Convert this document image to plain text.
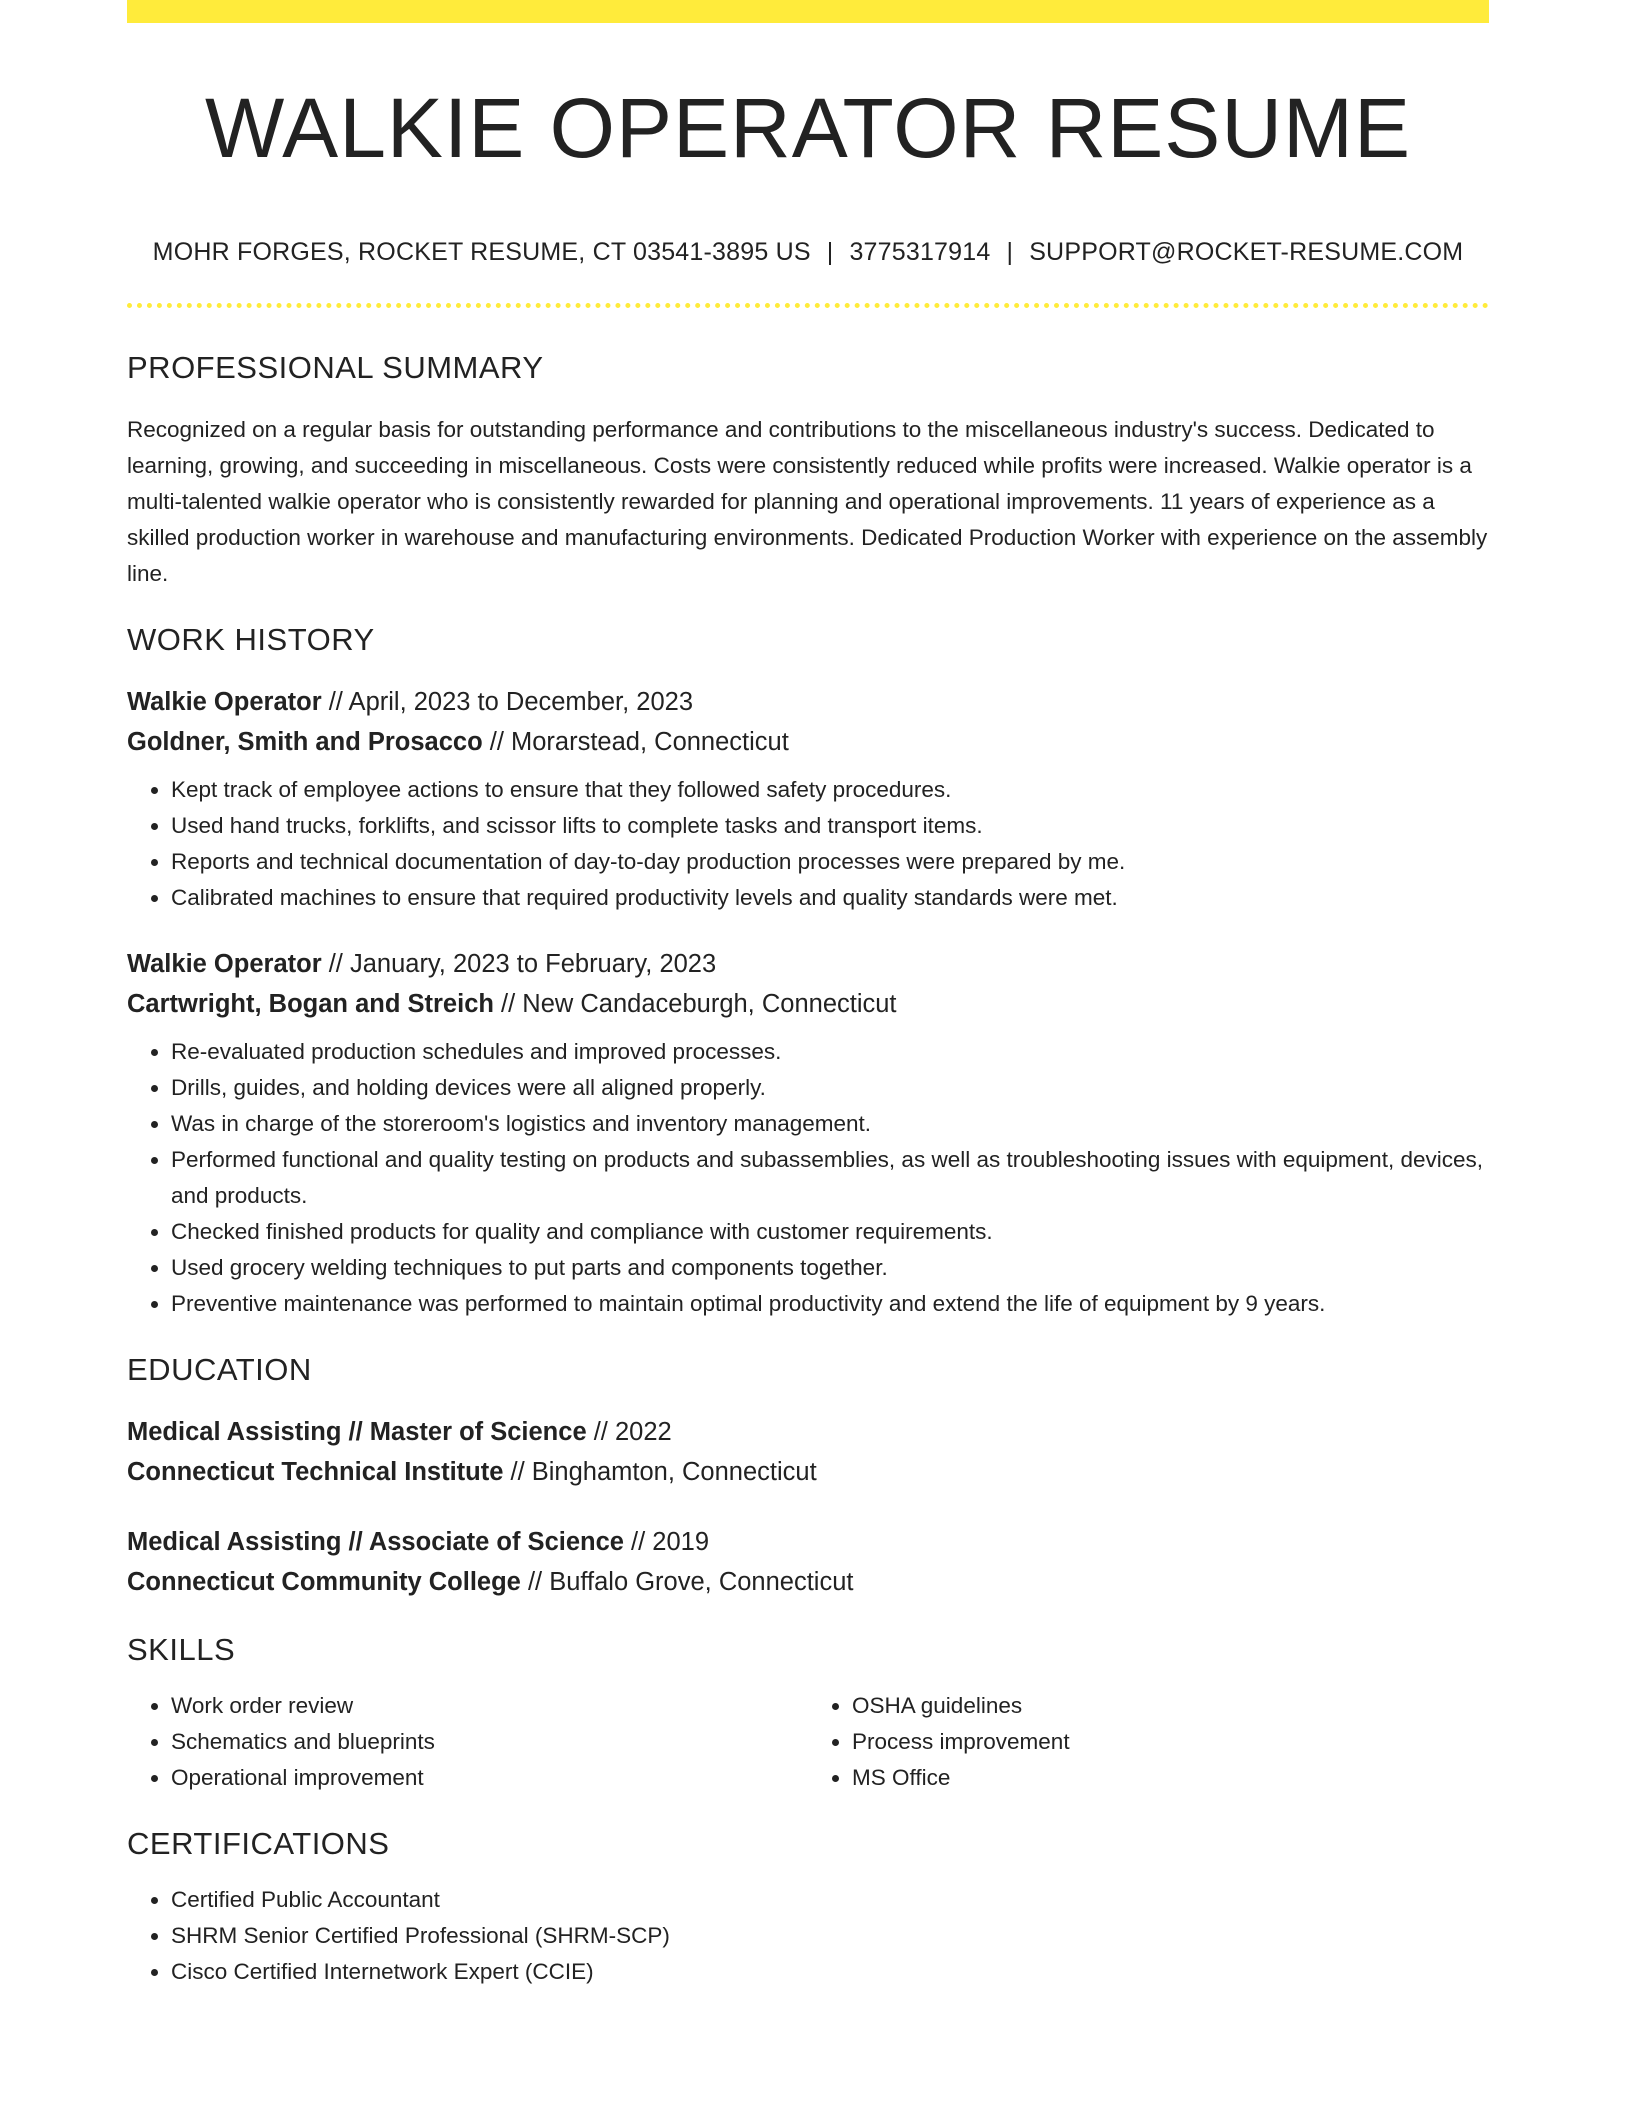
WALKIE OPERATOR RESUME
MOHR FORGES, ROCKET RESUME, CT 03541-3895 US | 3775317914 | SUPPORT@ROCKET-RESUME.COM
PROFESSIONAL SUMMARY

Recognized on a regular basis for outstanding performance and contributions to the miscellaneous industry's success. Dedicated to learning, growing, and succeeding in miscellaneous. Costs were consistently reduced while profits were increased. Walkie operator is a multi-talented walkie operator who is consistently rewarded for planning and operational improvements. 11 years of experience as a skilled production worker in warehouse and manufacturing environments. Dedicated Production Worker with experience on the assembly line.

WORK HISTORY
Walkie Operator // April, 2023 to December, 2023
Goldner, Smith and Prosacco // Morarstead, Connecticut
• Kept track of employee actions to ensure that they followed safety procedures.
• Used hand trucks, forklifts, and scissor lifts to complete tasks and transport items.
• Reports and technical documentation of day-to-day production processes were prepared by me.
• Calibrated machines to ensure that required productivity levels and quality standards were met.
Walkie Operator // January, 2023 to February, 2023
Cartwright, Bogan and Streich // New Candaceburgh, Connecticut
• Re-evaluated production schedules and improved processes.
• Drills, guides, and holding devices were all aligned properly.
• Was in charge of the storeroom's logistics and inventory management.
• Performed functional and quality testing on products and subassemblies, as well as troubleshooting issues with equipment, devices, and products.
• Checked finished products for quality and compliance with customer requirements.
• Used grocery welding techniques to put parts and components together.
• Preventive maintenance was performed to maintain optimal productivity and extend the life of equipment by 9 years.
EDUCATION
Medical Assisting // Master of Science // 2022
Connecticut Technical Institute // Binghamton, Connecticut
Medical Assisting // Associate of Science // 2019
Connecticut Community College // Buffalo Grove, Connecticut
SKILLS
• Work order review
• Schematics and blueprints
• Operational improvement
• OSHA guidelines
• Process improvement
• MS Office
CERTIFICATIONS
• Certified Public Accountant
• SHRM Senior Certified Professional (SHRM-SCP)
• Cisco Certified Internetwork Expert (CCIE)
